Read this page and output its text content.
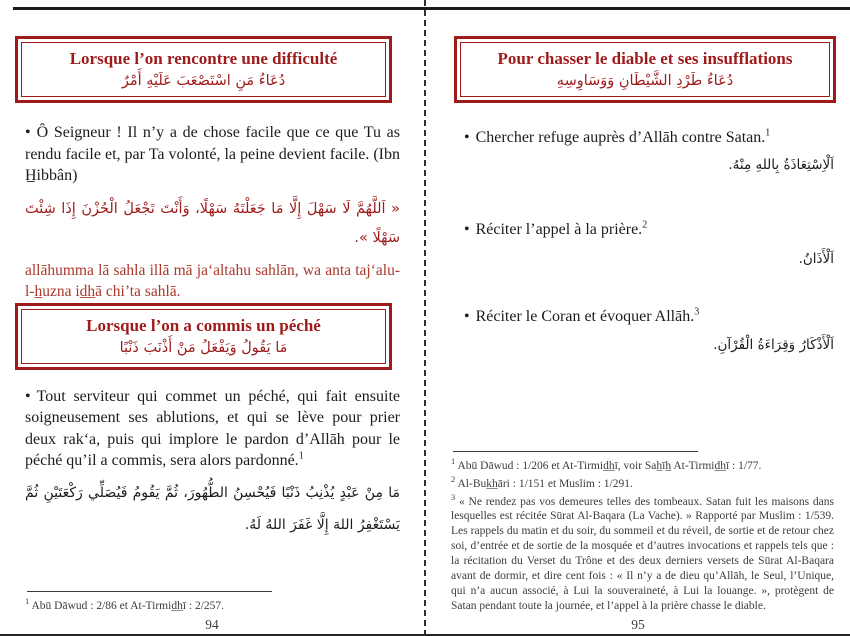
Lorsque l’on rencontre une difficulté
دُعَاءُ مَنِ اسْتَصْعَبَ عَلَيْهِ أَمْرٌ

• Ô Seigneur ! Il n’y a de chose facile que ce que Tu as rendu facile et, par Ta volonté, la peine devient facile. (Ibn H̲ibbân)

« اَللَّهُمَّ لَا سَهْلَ إِلَّا مَا جَعَلْتَهُ سَهْلًا، وَأَنْتَ تَجْعَلُ الْحُزْنَ إِذَا شِئْتَ سَهْلًا ».

allāhumma lā sahla illā mā ja‘altahu sahlān, wa anta taj‘alu-l-h̲uzna id̲h̲ā chi’ta sahlā.

Lorsque l’on a commis un péché
مَا يَقُولُ وَيَفْعَلُ مَنْ أَذْنَبَ ذَنْبًا

• Tout serviteur qui commet un péché, qui fait ensuite soigneusement ses ablutions, et qui se lève pour prier deux rak‘a, puis qui implore le pardon d’Allāh pour le péché qu’il a commis, sera alors pardonné.$^1$

مَا مِنْ عَبْدٍ يُذْنِبُ ذَنْبًا فَيُحْسِنُ الطُّهُورَ، ثُمَّ يَقُومُ فَيُصَلِّي رَكْعَتَيْنِ ثُمَّ يَسْتَغْفِرُ اللهَ إِلَّا غَفَرَ اللهُ لَهُ.

$^1$ Abū Dāwud : 2/86 et At-Tirmid̲h̲ī : 2/257.

94
Pour chasser le diable et ses insufflations
دُعَاءُ طَرْدِ الشَّيْطَانِ وَوَسَاوِسِهِ

• Chercher refuge auprès d’Allāh contre Satan.$^1$

اَلْاِسْتِعَاذَةُ بِاللهِ مِنْهُ.

• Réciter l’appel à la prière.$^2$

اَلْأَذَانُ.

• Réciter le Coran et évoquer Allāh.$^3$

اَلْأَذْكَارُ وَقِرَاءَةُ الْقُرْآنِ.

$^1$ Abū Dāwud : 1/206 et At-Tirmid̲h̲ī, voir Sah̲īh̲ At-Tirmid̲h̲ī : 1/77.

$^2$ Al-Buk̲h̲āri : 1/151 et Muslim : 1/291.

$^3$ « Ne rendez pas vos demeures telles des tombeaux. Satan fuit les maisons dans lesquelles est récitée Sūrat Al-Baqara (La Vache). » Rapporté par Muslim : 1/539. Les rappels du matin et du soir, du sommeil et du réveil, de sortie et de retour chez soi, d’entrée et de sortie de la mosquée et d’autres invocations et rappels tels que : la récitation du Verset du Trône et des deux derniers versets de Sūrat Al-Baqara avant de dormir, et dire cent fois : « Il n’y a de dieu qu’Allāh, le Seul, l’Unique, qui n’a aucun associé, à Lui la souveraineté, à Lui la louange. », protègent de Satan pendant toute la journée, et l’appel à la prière chasse le diable.

95
